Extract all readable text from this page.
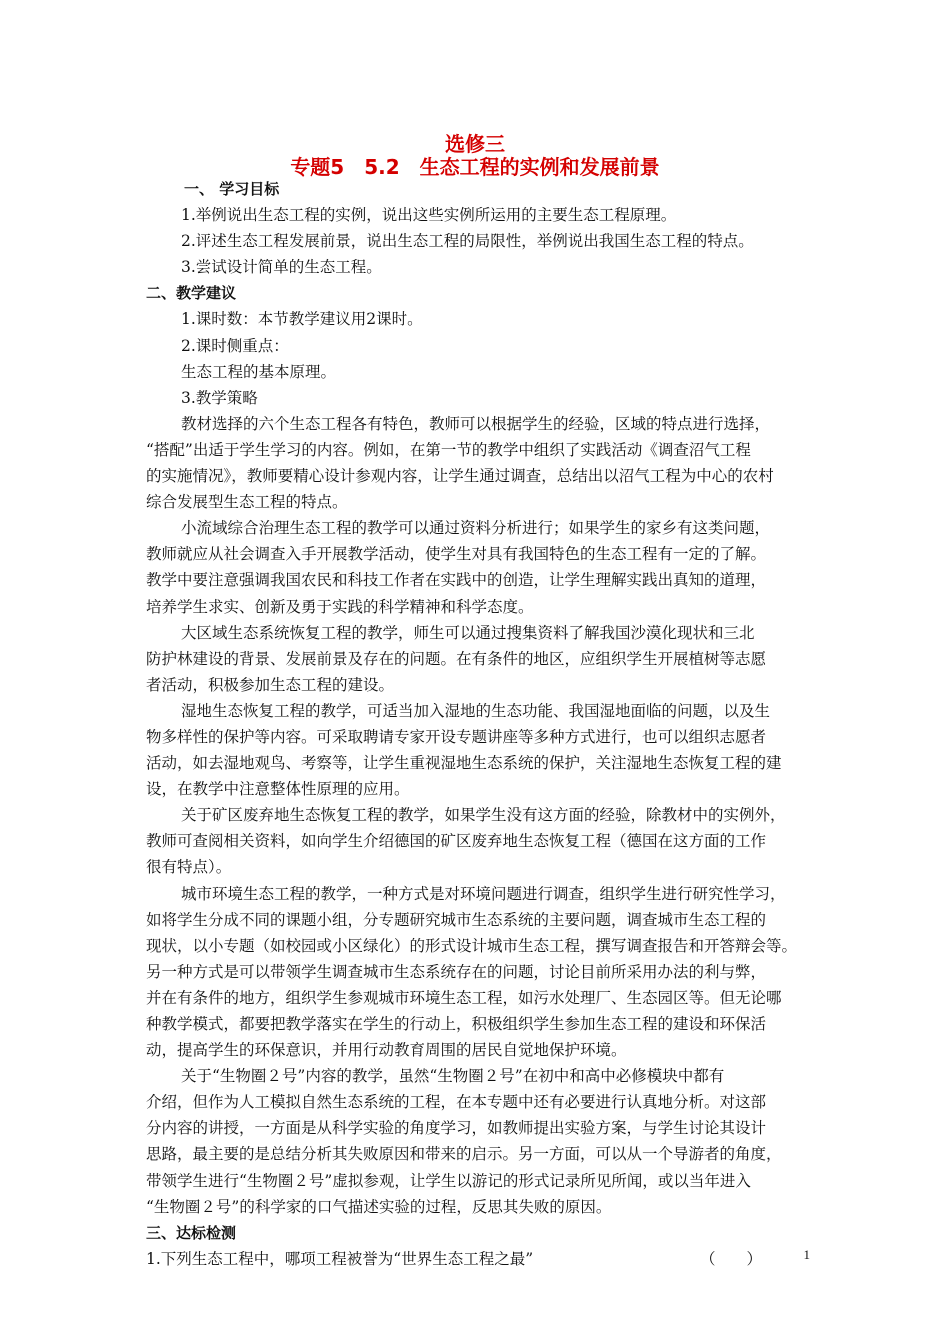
选修三
专题5　5.2　生态工程的实例和发展前景
一、 学习目标
1.举例说出生态工程的实例，说出这些实例所运用的主要生态工程原理。
2.评述生态工程发展前景，说出生态工程的局限性，举例说出我国生态工程的特点。
3.尝试设计简单的生态工程。
二、教学建议
1.课时数：本节教学建议用2课时。
2.课时侧重点：
生态工程的基本原理。
3.教学策略
教材选择的六个生态工程各有特色，教师可以根据学生的经验，区域的特点进行选择，
“搭配”出适于学生学习的内容。例如，在第一节的教学中组织了实践活动《调查沼气工程
的实施情况》，教师要精心设计参观内容，让学生通过调查，总结出以沼气工程为中心的农村
综合发展型生态工程的特点。
小流域综合治理生态工程的教学可以通过资料分析进行；如果学生的家乡有这类问题，
教师就应从社会调查入手开展教学活动，使学生对具有我国特色的生态工程有一定的了解。
教学中要注意强调我国农民和科技工作者在实践中的创造，让学生理解实践出真知的道理，
培养学生求实、创新及勇于实践的科学精神和科学态度。
大区域生态系统恢复工程的教学，师生可以通过搜集资料了解我国沙漠化现状和三北
防护林建设的背景、发展前景及存在的问题。在有条件的地区，应组织学生开展植树等志愿
者活动，积极参加生态工程的建设。
湿地生态恢复工程的教学，可适当加入湿地的生态功能、我国湿地面临的问题，以及生
物多样性的保护等内容。可采取聘请专家开设专题讲座等多种方式进行，也可以组织志愿者
活动，如去湿地观鸟、考察等，让学生重视湿地生态系统的保护，关注湿地生态恢复工程的建
设，在教学中注意整体性原理的应用。
关于矿区废弃地生态恢复工程的教学，如果学生没有这方面的经验，除教材中的实例外，
教师可查阅相关资料，如向学生介绍德国的矿区废弃地生态恢复工程（德国在这方面的工作
很有特点）。
城市环境生态工程的教学，一种方式是对环境问题进行调查，组织学生进行研究性学习，
如将学生分成不同的课题小组，分专题研究城市生态系统的主要问题，调查城市生态工程的
现状，以小专题（如校园或小区绿化）的形式设计城市生态工程，撰写调查报告和开答辩会等。
另一种方式是可以带领学生调查城市生态系统存在的问题，讨论目前所采用办法的利与弊，
并在有条件的地方，组织学生参观城市环境生态工程，如污水处理厂、生态园区等。但无论哪
种教学模式，都要把教学落实在学生的行动上，积极组织学生参加生态工程的建设和环保活
动，提高学生的环保意识，并用行动教育周围的居民自觉地保护环境。
关于“生物圈２号”内容的教学，虽然“生物圈２号”在初中和高中必修模块中都有
介绍，但作为人工模拟自然生态系统的工程，在本专题中还有必要进行认真地分析。对这部
分内容的讲授，一方面是从科学实验的角度学习，如教师提出实验方案，与学生讨论其设计
思路，最主要的是总结分析其失败原因和带来的启示。另一方面，可以从一个导游者的角度，
带领学生进行“生物圈２号”虚拟参观，让学生以游记的形式记录所见所闻，或以当年进入
“生物圈２号”的科学家的口气描述实验的过程，反思其失败的原因。
三、达标检测
1.下列生态工程中，哪项工程被誉为“世界生态工程之最”	（　　）	1
